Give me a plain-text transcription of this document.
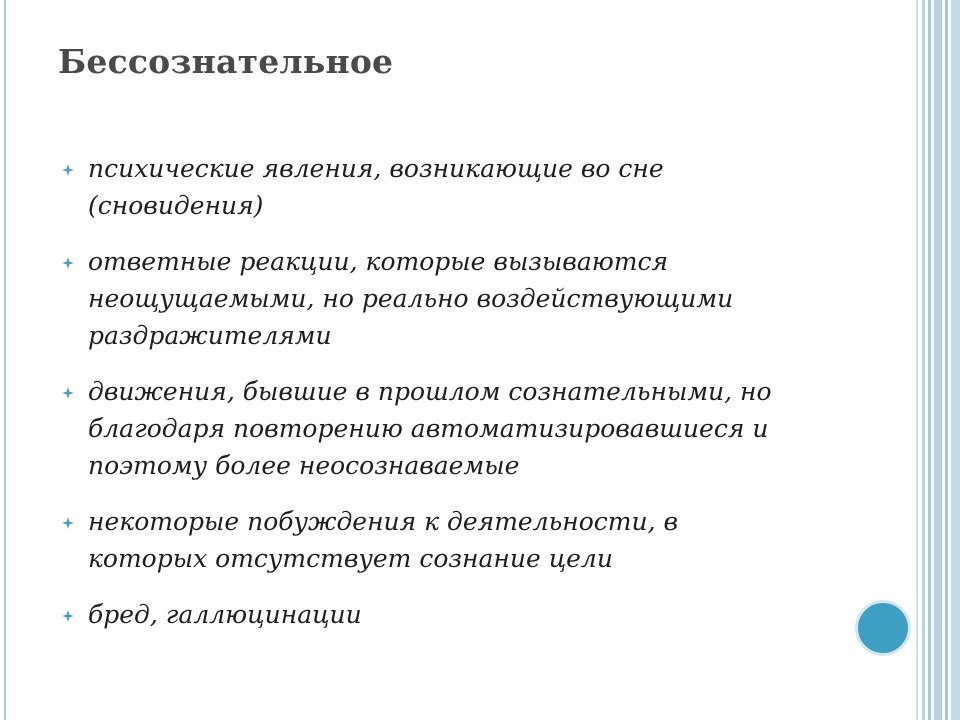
Бессознательное
психические явления, возникающие во сне (сновидения)
ответные реакции, которые вызываются неощущаемыми, но реально воздействующими раздражителями
движения, бывшие в прошлом сознательными, но благодаря повторению автоматизировавшиеся и поэтому более неосознаваемые
некоторые побуждения к деятельности, в которых отсутствует сознание цели
бред, галлюцинации
